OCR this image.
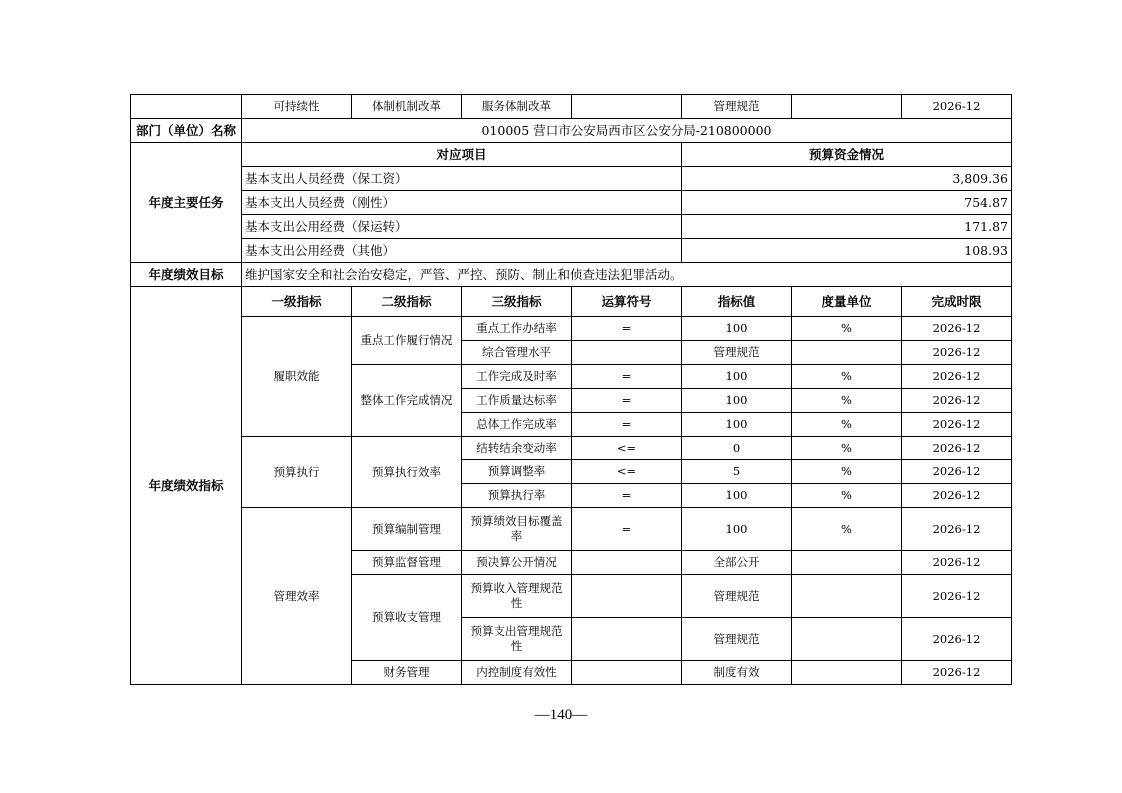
	可持续性	体制机制改革	服务体制改革		管理规范		2026-12
部门（单位）名称	010005 营口市公安局西市区公安分局-210800000						
年度主要任务	对应项目				预算资金情况		
	基本支出人员经费（保工资）				3,809.36		
	基本支出人员经费（刚性）				754.87		
	基本支出公用经费（保运转）				171.87		
	基本支出公用经费（其他）				108.93		
年度绩效目标	维护国家安全和社会治安稳定，严管、严控、预防、制止和侦查违法犯罪活动。						
年度绩效指标	一级指标	二级指标	三级指标	运算符号	指标值	度量单位	完成时限
	履职效能	重点工作履行情况	重点工作办结率	=	100	%	2026-12
			综合管理水平		管理规范		2026-12
		整体工作完成情况	工作完成及时率	=	100	%	2026-12
			工作质量达标率	=	100	%	2026-12
			总体工作完成率	=	100	%	2026-12
	预算执行	预算执行效率	结转结余变动率	<=	0	%	2026-12
			预算调整率	<=	5	%	2026-12
			预算执行率	=	100	%	2026-12
	管理效率	预算编制管理	预算绩效目标覆盖率	=	100	%	2026-12
		预算监督管理	预决算公开情况		全部公开		2026-12
		预算收支管理	预算收入管理规范性		管理规范		2026-12
			预算支出管理规范性		管理规范		2026-12
		财务管理	内控制度有效性		制度有效		2026-12
—140—
